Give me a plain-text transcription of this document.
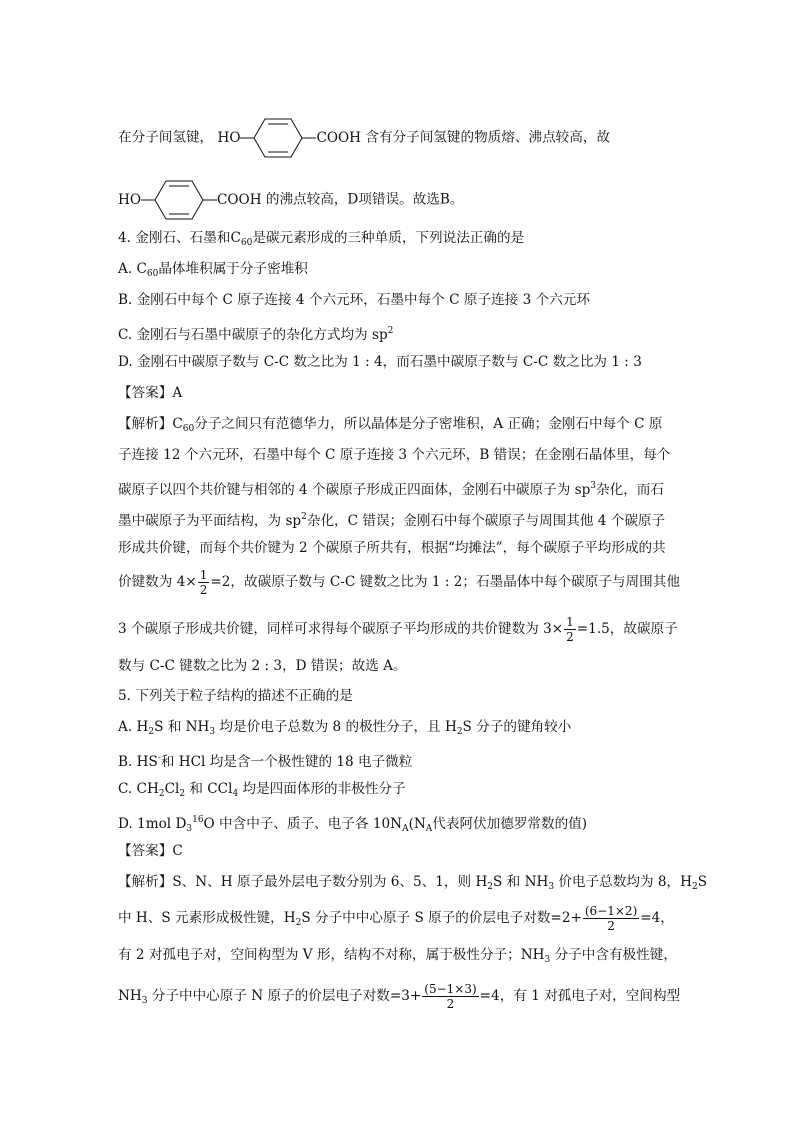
在分子间氢键， HO	COOH 含有分子间氢键的物质熔、沸点较高，故
HO	COOH 的沸点较高，D项错误。故选B。
4. 金刚石、石墨和$C_{60}$是碳元素形成的三种单质，下列说法正确的是
A. $C_{60}$晶体堆积属于分子密堆积
B. 金刚石中每个 C 原子连接 4 个六元环，石墨中每个 C 原子连接 3 个六元环
C. 金刚石与石墨中碳原子的杂化方式均为 $sp^2$
D. 金刚石中碳原子数与 C-C 数之比为 1 : 4，而石墨中碳原子数与 C-C 数之比为 1 : 3
【答案】A
【解析】$C_{60}$分子之间只有范德华力，所以晶体是分子密堆积，A 正确；金刚石中每个 C 原
子连接 12 个六元环，石墨中每个 C 原子连接 3 个六元环，B 错误；在金刚石晶体里，每个
碳原子以四个共价键与相邻的 4 个碳原子形成正四面体，金刚石中碳原子为 $sp^3$杂化，而石
墨中碳原子为平面结构，为 $sp^2$杂化，C 错误；金刚石中每个碳原子与周围其他 4 个碳原子
形成共价键，而每个共价键为 2 个碳原子所共有，根据“均摊法”，每个碳原子平均形成的共
价键数为 $4\times \frac{1}{2} =2$，故碳原子数与 C-C 键数之比为 1 : 2；石墨晶体中每个碳原子与周围其他
3 个碳原子形成共价键，同样可求得每个碳原子平均形成的共价键数为 $3\times \frac{1}{2} =1.5$，故碳原子
数与 C-C 键数之比为 2 : 3，D 错误；故选 A。
5. 下列关于粒子结构的描述不正确的是
A. $H_2S$ 和 $NH_3$ 均是价电子总数为 8 的极性分子，且 $H_2S$ 分子的键角较小
B. HS-和 HCl 均是含一个极性键的 18 电子微粒
C. $CH_2Cl_2$ 和 CCl$_4$ 均是四面体形的非极性分子
D. 1mol $D_3^{16}O$ 中含中子、质子、电子各 $10N_A(N_A$代表阿伏加德罗常数的值)
【答案】C
【解析】S、N、H 原子最外层电子数分别为 6、5、1，则 $H_2S$ 和 $NH_3$ 价电子总数均为 8，$H_2S$
中 H、S 元素形成极性键，$H_2S$ 分子中中心原子 S 原子的价层电子对数$=2+ \frac{(6-1\times 2)}{2} =4$，
有 2 对孤电子对，空间构型为 V 形，结构不对称，属于极性分子；$NH_3$ 分子中含有极性键，
$NH_3$ 分子中中心原子 N 原子的价层电子对数$=3+ \frac{(5-1\times 3)}{2} =4$，有 1 对孤电子对，空间构型
